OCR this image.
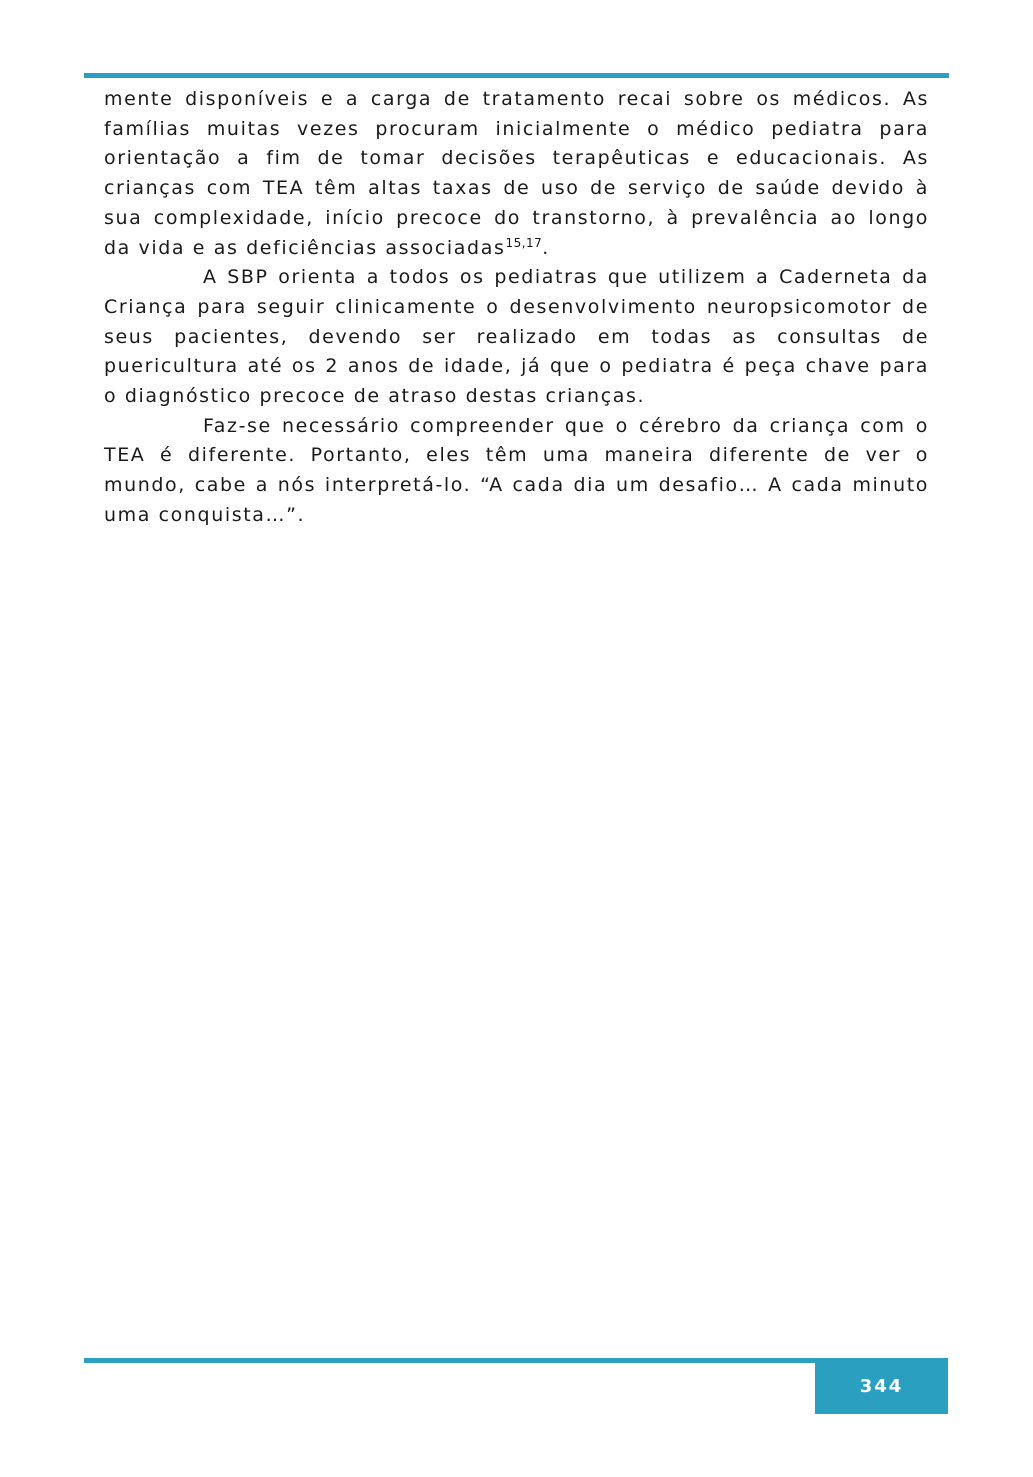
mente disponíveis e a carga de tratamento recai sobre os médicos. As famílias muitas vezes procuram inicialmente o médico pediatra para orientação a fim de tomar decisões terapêuticas e educacionais. As crianças com TEA têm altas taxas de uso de serviço de saúde devido à sua complexidade, início precoce do transtorno, à prevalência ao longo da vida e as deficiências associadas$^{15,17}$.

A SBP orienta a todos os pediatras que utilizem a Caderneta da Criança para seguir clinicamente o desenvolvimento neuropsicomotor de seus pacientes, devendo ser realizado em todas as consultas de puericultura até os 2 anos de idade, já que o pediatra é peça chave para o diagnóstico precoce de atraso destas crianças.

Faz-se necessário compreender que o cérebro da criança com o TEA é diferente. Portanto, eles têm uma maneira diferente de ver o mundo, cabe a nós interpretá-lo. “A cada dia um desafio… A cada minuto uma conquista…”.

344
